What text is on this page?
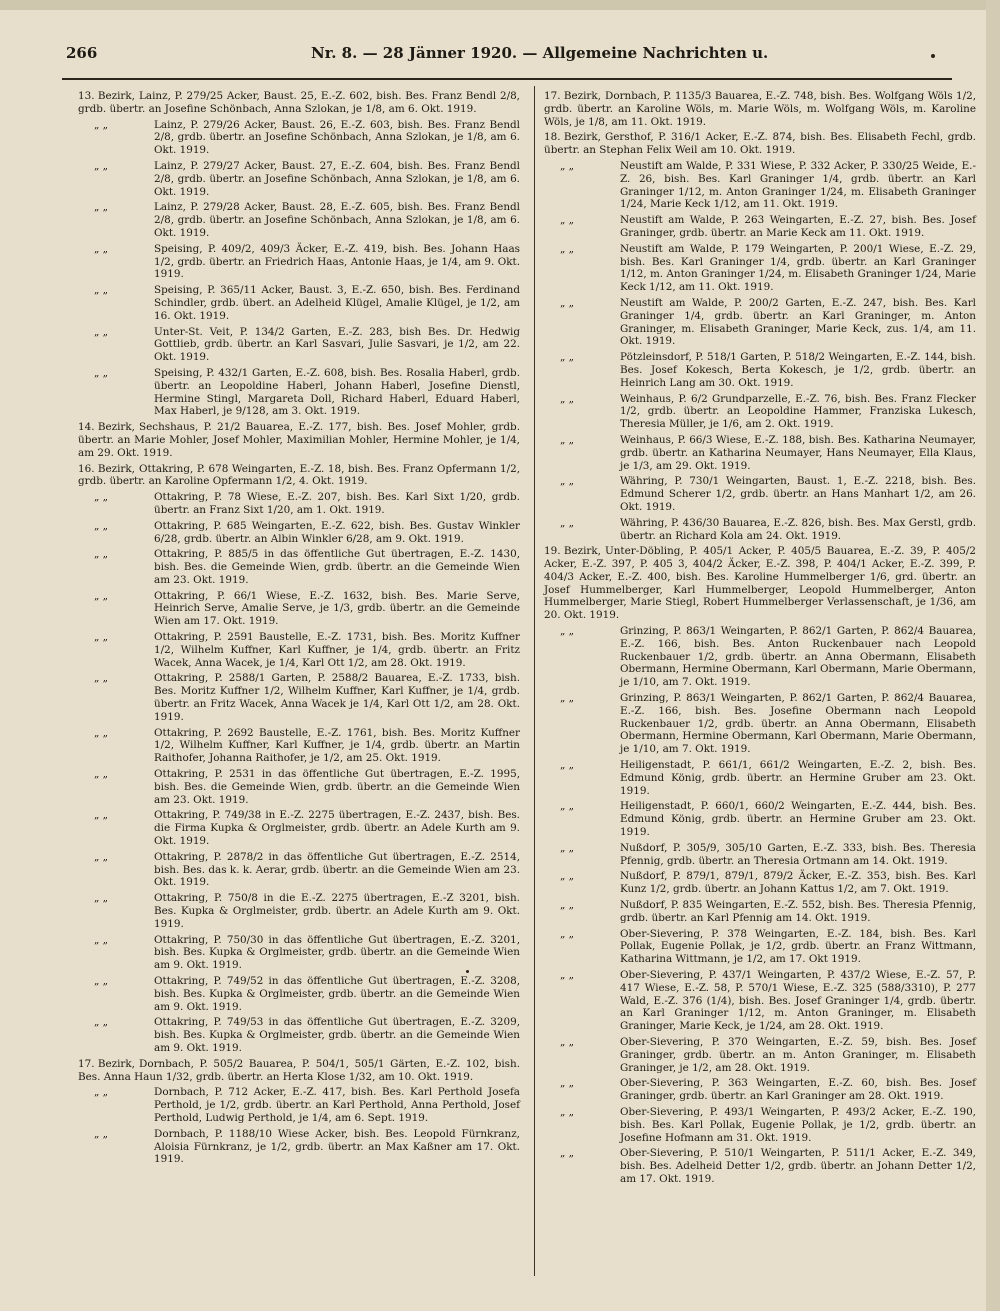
266	Nr. 8. — 28 Jänner 1920. — Allgemeine Nachrichten u.
13. Bezirk, Lainz, P. 279/25 Acker, Baust. 25, E.-Z. 602, bish. Bes. Franz Bendl 2/8, grdb. übertr. an Josefine Schönbach, Anna Szlokan, je 1/8, am 6. Okt. 1919.
„ „	Lainz, P. 279/26 Acker, Baust. 26, E.-Z. 603, bish. Bes. Franz Bendl 2/8, grdb. übertr. an Josefine Schönbach, Anna Szlokan, je 1/8, am 6. Okt. 1919.
„ „	Lainz, P. 279/27 Acker, Baust. 27, E.-Z. 604, bish. Bes. Franz Bendl 2/8, grdb. übertr. an Josefine Schönbach, Anna Szlokan, je 1/8, am 6. Okt. 1919.
„ „	Lainz, P. 279/28 Acker, Baust. 28, E.-Z. 605, bish. Bes. Franz Bendl 2/8, grdb. übertr. an Josefine Schönbach, Anna Szlokan, je 1/8, am 6. Okt. 1919.
„ „	Speising, P. 409/2, 409/3 Äcker, E.-Z. 419, bish. Bes. Johann Haas 1/2, grdb. übertr. an Friedrich Haas, Antonie Haas, je 1/4, am 9. Okt. 1919.
„ „	Speising, P. 365/11 Acker, Baust. 3, E.-Z. 650, bish. Bes. Ferdinand Schindler, grdb. übert. an Adelheid Klügel, Amalie Klügel, je 1/2, am 16. Okt. 1919.
„ „	Unter-St. Veit, P. 134/2 Garten, E.-Z. 283, bish Bes. Dr. Hedwig Gottlieb, grdb. übertr. an Karl Sasvari, Julie Sasvari, je 1/2, am 22. Okt. 1919.
„ „	Speising, P. 432/1 Garten, E.-Z. 608, bish. Bes. Rosalia Haberl, grdb. übertr. an Leopoldine Haberl, Johann Haberl, Josefine Dienstl, Hermine Stingl, Margareta Doll, Richard Haberl, Eduard Haberl, Max Haberl, je 9/128, am 3. Okt. 1919.
14. Bezirk, Sechshaus, P. 21/2 Bauarea, E.-Z. 177, bish. Bes. Josef Mohler, grdb. übertr. an Marie Mohler, Josef Mohler, Maximilian Mohler, Hermine Mohler, je 1/4, am 29. Okt. 1919.
16. Bezirk, Ottakring, P. 678 Weingarten, E.-Z. 18, bish. Bes. Franz Opfermann 1/2, grdb. übertr. an Karoline Opfermann 1/2, 4. Okt. 1919.
„ „	Ottakring, P. 78 Wiese, E.-Z. 207, bish. Bes. Karl Sixt 1/20, grdb. übertr. an Franz Sixt 1/20, am 1. Okt. 1919.
„ „	Ottakring, P. 685 Weingarten, E.-Z. 622, bish. Bes. Gustav Winkler 6/28, grdb. übertr. an Albin Winkler 6/28, am 9. Okt. 1919.
„ „	Ottakring, P. 885/5 in das öffentliche Gut übertragen, E.-Z. 1430, bish. Bes. die Gemeinde Wien, grdb. übertr. an die Gemeinde Wien am 23. Okt. 1919.
„ „	Ottakring, P. 66/1 Wiese, E.-Z. 1632, bish. Bes. Marie Serve, Heinrich Serve, Amalie Serve, je 1/3, grdb. übertr. an die Gemeinde Wien am 17. Okt. 1919.
„ „	Ottakring, P. 2591 Baustelle, E.-Z. 1731, bish. Bes. Moritz Kuffner 1/2, Wilhelm Kuffner, Karl Kuffner, je 1/4, grdb. übertr. an Fritz Wacek, Anna Wacek, je 1/4, Karl Ott 1/2, am 28. Okt. 1919.
„ „	Ottakring, P. 2588/1 Garten, P. 2588/2 Bauarea, E.-Z. 1733, bish. Bes. Moritz Kuffner 1/2, Wilhelm Kuffner, Karl Kuffner, je 1/4, grdb. übertr. an Fritz Wacek, Anna Wacek je 1/4, Karl Ott 1/2, am 28. Okt. 1919.
„ „	Ottakring, P. 2692 Baustelle, E.-Z. 1761, bish. Bes. Moritz Kuffner 1/2, Wilhelm Kuffner, Karl Kuffner, je 1/4, grdb. übertr. an Martin Raithofer, Johanna Raithofer, je 1/2, am 25. Okt. 1919.
„ „	Ottakring, P. 2531 in das öffentliche Gut übertragen, E.-Z. 1995, bish. Bes. die Gemeinde Wien, grdb. übertr. an die Gemeinde Wien am 23. Okt. 1919.
„ „	Ottakring, P. 749/38 in E.-Z. 2275 übertragen, E.-Z. 2437, bish. Bes. die Firma Kupka & Orglmeister, grdb. übertr. an Adele Kurth am 9. Okt. 1919.
„ „	Ottakring, P. 2878/2 in das öffentliche Gut übertragen, E.-Z. 2514, bish. Bes. das k. k. Aerar, grdb. übertr. an die Gemeinde Wien am 23. Okt. 1919.
„ „	Ottakring, P. 750/8 in die E.-Z. 2275 übertragen, E.-Z 3201, bish. Bes. Kupka & Orglmeister, grdb. übertr. an Adele Kurth am 9. Okt. 1919.
„ „	Ottakring, P. 750/30 in das öffentliche Gut übertragen, E.-Z. 3201, bish. Bes. Kupka & Orglmeister, grdb. übertr. an die Gemeinde Wien am 9. Okt. 1919.
„ „	Ottakring, P. 749/52 in das öffentliche Gut übertragen, E.-Z. 3208, bish. Bes. Kupka & Orglmeister, grdb. übertr. an die Gemeinde Wien am 9. Okt. 1919.
„ „	Ottakring, P. 749/53 in das öffentliche Gut übertragen, E.-Z. 3209, bish. Bes. Kupka & Orglmeister, grdb. übertr. an die Gemeinde Wien am 9. Okt. 1919.
17. Bezirk, Dornbach, P. 505/2 Bauarea, P. 504/1, 505/1 Gärten, E.-Z. 102, bish. Bes. Anna Haun 1/32, grdb. übertr. an Herta Klose 1/32, am 10. Okt. 1919.
„ „	Dornbach, P. 712 Acker, E.-Z. 417, bish. Bes. Karl Perthold Josefa Perthold, je 1/2, grdb. übertr. an Karl Perthold, Anna Perthold, Josef Perthold, Ludwig Perthold, je 1/4, am 6. Sept. 1919.
„ „	Dornbach, P. 1188/10 Wiese Acker, bish. Bes. Leopold Fürnkranz, Aloisia Fürnkranz, je 1/2, grdb. übertr. an Max Kaßner am 17. Okt. 1919.
17. Bezirk, Dornbach, P. 1135/3 Bauarea, E.-Z. 748, bish. Bes. Wolfgang Wöls 1/2, grdb. übertr. an Karoline Wöls, m. Marie Wöls, m. Wolfgang Wöls, m. Karoline Wöls, je 1/8, am 11. Okt. 1919.
18. Bezirk, Gersthof, P. 316/1 Acker, E.-Z. 874, bish. Bes. Elisabeth Fechl, grdb. übertr. an Stephan Felix Weil am 10. Okt. 1919.
„ „	Neustift am Walde, P. 331 Wiese, P. 332 Acker, P. 330/25 Weide, E.-Z. 26, bish. Bes. Karl Graninger 1/4, grdb. übertr. an Karl Graninger 1/12, m. Anton Graninger 1/24, m. Elisabeth Graninger 1/24, Marie Keck 1/12, am 11. Okt. 1919.
„ „	Neustift am Walde, P. 263 Weingarten, E.-Z. 27, bish. Bes. Josef Graninger, grdb. übertr. an Marie Keck am 11. Okt. 1919.
„ „	Neustift am Walde, P. 179 Weingarten, P. 200/1 Wiese, E.-Z. 29, bish. Bes. Karl Graninger 1/4, grdb. übertr. an Karl Graninger 1/12, m. Anton Graninger 1/24, m. Elisabeth Graninger 1/24, Marie Keck 1/12, am 11. Okt. 1919.
„ „	Neustift am Walde, P. 200/2 Garten, E.-Z. 247, bish. Bes. Karl Graninger 1/4, grdb. übertr. an Karl Graninger, m. Anton Graninger, m. Elisabeth Graninger, Marie Keck, zus. 1/4, am 11. Okt. 1919.
„ „	Pötzleinsdorf, P. 518/1 Garten, P. 518/2 Weingarten, E.-Z. 144, bish. Bes. Josef Kokesch, Berta Kokesch, je 1/2, grdb. übertr. an Heinrich Lang am 30. Okt. 1919.
„ „	Weinhaus, P. 6/2 Grundparzelle, E.-Z. 76, bish. Bes. Franz Flecker 1/2, grdb. übertr. an Leopoldine Hammer, Franziska Lukesch, Theresia Müller, je 1/6, am 2. Okt. 1919.
„ „	Weinhaus, P. 66/3 Wiese, E.-Z. 188, bish. Bes. Katharina Neumayer, grdb. übertr. an Katharina Neumayer, Hans Neumayer, Ella Klaus, je 1/3, am 29. Okt. 1919.
„ „	Währing, P. 730/1 Weingarten, Baust. 1, E.-Z. 2218, bish. Bes. Edmund Scherer 1/2, grdb. übertr. an Hans Manhart 1/2, am 26. Okt. 1919.
„ „	Währing, P. 436/30 Bauarea, E.-Z. 826, bish. Bes. Max Gerstl, grdb. übertr. an Richard Kola am 24. Okt. 1919.
19. Bezirk, Unter-Döbling, P. 405/1 Acker, P. 405/5 Bauarea, E.-Z. 39, P. 405/2 Acker, E.-Z. 397, P. 405 3, 404/2 Äcker, E.-Z. 398, P. 404/1 Acker, E.-Z. 399, P. 404/3 Acker, E.-Z. 400, bish. Bes. Karoline Hummelberger 1/6, grd. übertr. an Josef Hummelberger, Karl Hummelberger, Leopold Hummelberger, Anton Hummelberger, Marie Stiegl, Robert Hummelberger Verlassenschaft, je 1/36, am 20. Okt. 1919.
„ „	Grinzing, P. 863/1 Weingarten, P. 862/1 Garten, P. 862/4 Bauarea, E.-Z. 166, bish. Bes. Anton Ruckenbauer nach Leopold Ruckenbauer 1/2, grdb. übertr. an Anna Obermann, Elisabeth Obermann, Hermine Obermann, Karl Obermann, Marie Obermann, je 1/10, am 7. Okt. 1919.
„ „	Grinzing, P. 863/1 Weingarten, P. 862/1 Garten, P. 862/4 Bauarea, E.-Z. 166, bish. Bes. Josefine Obermann nach Leopold Ruckenbauer 1/2, grdb. übertr. an Anna Obermann, Elisabeth Obermann, Hermine Obermann, Karl Obermann, Marie Obermann, je 1/10, am 7. Okt. 1919.
„ „	Heiligenstadt, P. 661/1, 661/2 Weingarten, E.-Z. 2, bish. Bes. Edmund König, grdb. übertr. an Hermine Gruber am 23. Okt. 1919.
„ „	Heiligenstadt, P. 660/1, 660/2 Weingarten, E.-Z. 444, bish. Bes. Edmund König, grdb. übertr. an Hermine Gruber am 23. Okt. 1919.
„ „	Nußdorf, P. 305/9, 305/10 Garten, E.-Z. 333, bish. Bes. Theresia Pfennig, grdb. übertr. an Theresia Ortmann am 14. Okt. 1919.
„ „	Nußdorf, P. 879/1, 879/1, 879/2 Äcker, E.-Z. 353, bish. Bes. Karl Kunz 1/2, grdb. übertr. an Johann Kattus 1/2, am 7. Okt. 1919.
„ „	Nußdorf, P. 835 Weingarten, E.-Z. 552, bish. Bes. Theresia Pfennig, grdb. übertr. an Karl Pfennig am 14. Okt. 1919.
„ „	Ober-Sievering, P. 378 Weingarten, E.-Z. 184, bish. Bes. Karl Pollak, Eugenie Pollak, je 1/2, grdb. übertr. an Franz Wittmann, Katharina Wittmann, je 1/2, am 17. Okt 1919.
„ „	Ober-Sievering, P. 437/1 Weingarten, P. 437/2 Wiese, E.-Z. 57, P. 417 Wiese, E.-Z. 58, P. 570/1 Wiese, E.-Z. 325 (588/3310), P. 277 Wald, E.-Z. 376 (1/4), bish. Bes. Josef Graninger 1/4, grdb. übertr. an Karl Graninger 1/12, m. Anton Graninger, m. Elisabeth Graninger, Marie Keck, je 1/24, am 28. Okt. 1919.
„ „	Ober-Sievering, P. 370 Weingarten, E.-Z. 59, bish. Bes. Josef Graninger, grdb. übertr. an m. Anton Graninger, m. Elisabeth Graninger, je 1/2, am 28. Okt. 1919.
„ „	Ober-Sievering, P. 363 Weingarten, E.-Z. 60, bish. Bes. Josef Graninger, grdb. übertr. an Karl Graninger am 28. Okt. 1919.
„ „	Ober-Sievering, P. 493/1 Weingarten, P. 493/2 Acker, E.-Z. 190, bish. Bes. Karl Pollak, Eugenie Pollak, je 1/2, grdb. übertr. an Josefine Hofmann am 31. Okt. 1919.
„ „	Ober-Sievering, P. 510/1 Weingarten, P. 511/1 Acker, E.-Z. 349, bish. Bes. Adelheid Detter 1/2, grdb. übertr. an Johann Detter 1/2, am 17. Okt. 1919.
